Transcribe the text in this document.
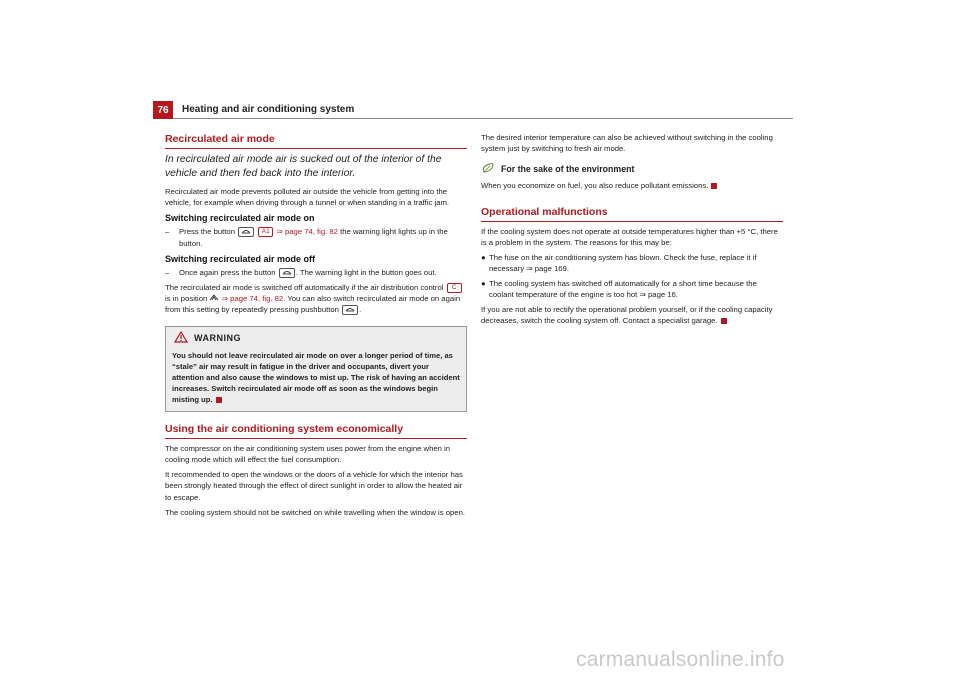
76	Heating and air conditioning system
Recirculated air mode
In recirculated air mode air is sucked out of the interior of the vehicle and then fed back into the interior.

Recirculated air mode prevents polluted air outside the vehicle from getting into the vehicle, for example when driving through a tunnel or when standing in a traffic jam.

Switching recirculated air mode on
–	Press the button	A1 ⇒ page 74, fig. 82 the warning light lights up in the button.
Switching recirculated air mode off
–	Once again press the button	. The warning light in the button goes out.

The recirculated air mode is switched off automatically if the air distribution control C is in position ⇒ page 74, fig. 82. You can also switch recirculated air mode on again from this setting by repeatedly pressing pushbutton	.

WARNING
You should not leave recirculated air mode on over a longer period of time, as “stale” air may result in fatigue in the driver and occupants, divert your attention and also cause the windows to mist up. The risk of having an accident increases. Switch recirculated air mode off as soon as the windows begin misting up.
Using the air conditioning system economically

The compressor on the air conditioning system uses power from the engine when in cooling mode which will effect the fuel consumption.

It recommended to open the windows or the doors of a vehicle for which the interior has been strongly heated through the effect of direct sunlight in order to allow the heated air to escape.

The cooling system should not be switched on while travelling when the window is open.

The desired interior temperature can also be achieved without switching in the cooling system just by switching to fresh air mode.

For the sake of the environment

When you economize on fuel, you also reduce pollutant emissions.

Operational malfunctions

If the cooling system does not operate at outside temperatures higher than +5 °C, there is a problem in the system. The reasons for this may be:

● The fuse on the air conditioning system has blown. Check the fuse, replace it if necessary ⇒ page 169.
● The cooling system has switched off automatically for a short time because the coolant temperature of the engine is too hot ⇒ page 16.

If you are not able to rectify the operational problem yourself, or if the cooling capacity decreases, switch the cooling system off. Contact a specialist garage.

carmanualsonline.info
